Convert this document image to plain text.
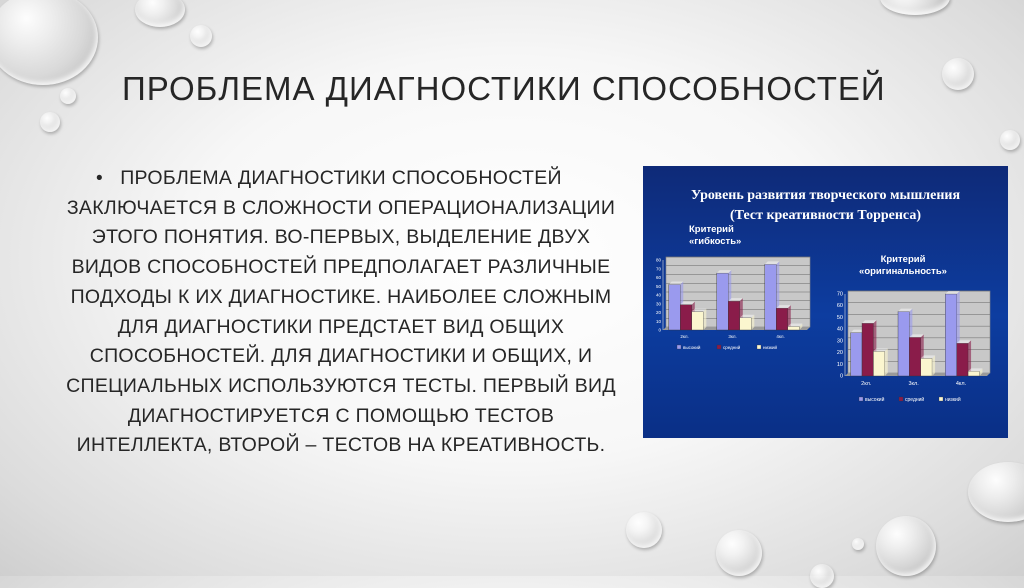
ПРОБЛЕМА ДИАГНОСТИКИ СПОСОБНОСТЕЙ
• ПРОБЛЕМА ДИАГНОСТИКИ СПОСОБНОСТЕЙ ЗАКЛЮЧАЕТСЯ В СЛОЖНОСТИ ОПЕРАЦИОНАЛИЗАЦИИ ЭТОГО ПОНЯТИЯ. ВО-ПЕРВЫХ, ВЫДЕЛЕНИЕ ДВУХ ВИДОВ СПОСОБНОСТЕЙ ПРЕДПОЛАГАЕТ РАЗЛИЧНЫЕ ПОДХОДЫ К ИХ ДИАГНОСТИКЕ. НАИБОЛЕЕ СЛОЖНЫМ ДЛЯ ДИАГНОСТИКИ ПРЕДСТАЕТ ВИД ОБЩИХ СПОСОБНОСТЕЙ. ДЛЯ ДИАГНОСТИКИ И ОБЩИХ, И СПЕЦИАЛЬНЫХ ИСПОЛЬЗУЮТСЯ ТЕСТЫ. ПЕРВЫЙ ВИД ДИАГНОСТИРУЕТСЯ С ПОМОЩЬЮ ТЕСТОВ ИНТЕЛЛЕКТА, ВТОРОЙ – ТЕСТОВ НА КРЕАТИВНОСТЬ.
Уровень развития творческого мышления
(Тест креативности Торренса)
Критерий
«гибкость»
Критерий
«оригинальность»
0
10
20
30
40
50
60
70
80
2кл.	3кл.	4кл.
высокий	средний	низкий
0
10
20
30
40
50
60
70
2кл.	3кл.	4кл.
высокий	средний	низкий
